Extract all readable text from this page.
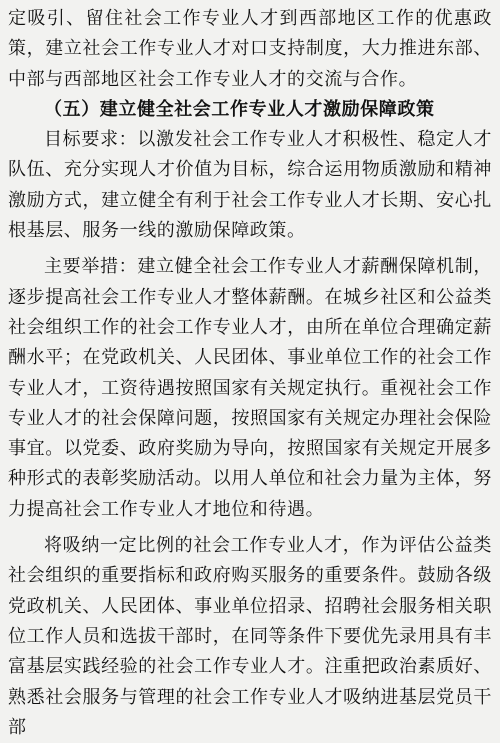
定吸引、留住社会工作专业人才到西部地区工作的优惠政策，建立社会工作专业人才对口支持制度，大力推进东部、中部与西部地区社会工作专业人才的交流与合作。

（五）建立健全社会工作专业人才激励保障政策

目标要求：以激发社会工作专业人才积极性、稳定人才队伍、充分实现人才价值为目标，综合运用物质激励和精神激励方式，建立健全有利于社会工作专业人才长期、安心扎根基层、服务一线的激励保障政策。

主要举措：建立健全社会工作专业人才薪酬保障机制，逐步提高社会工作专业人才整体薪酬。在城乡社区和公益类社会组织工作的社会工作专业人才，由所在单位合理确定薪酬水平；在党政机关、人民团体、事业单位工作的社会工作专业人才，工资待遇按照国家有关规定执行。重视社会工作专业人才的社会保障问题，按照国家有关规定办理社会保险事宜。以党委、政府奖励为导向，按照国家有关规定开展多种形式的表彰奖励活动。以用人单位和社会力量为主体，努力提高社会工作专业人才地位和待遇。

将吸纳一定比例的社会工作专业人才，作为评估公益类社会组织的重要指标和政府购买服务的重要条件。鼓励各级党政机关、人民团体、事业单位招录、招聘社会服务相关职位工作人员和选拔干部时，在同等条件下要优先录用具有丰富基层实践经验的社会工作专业人才。注重把政治素质好、熟悉社会服务与管理的社会工作专业人才吸纳进基层党员干部
